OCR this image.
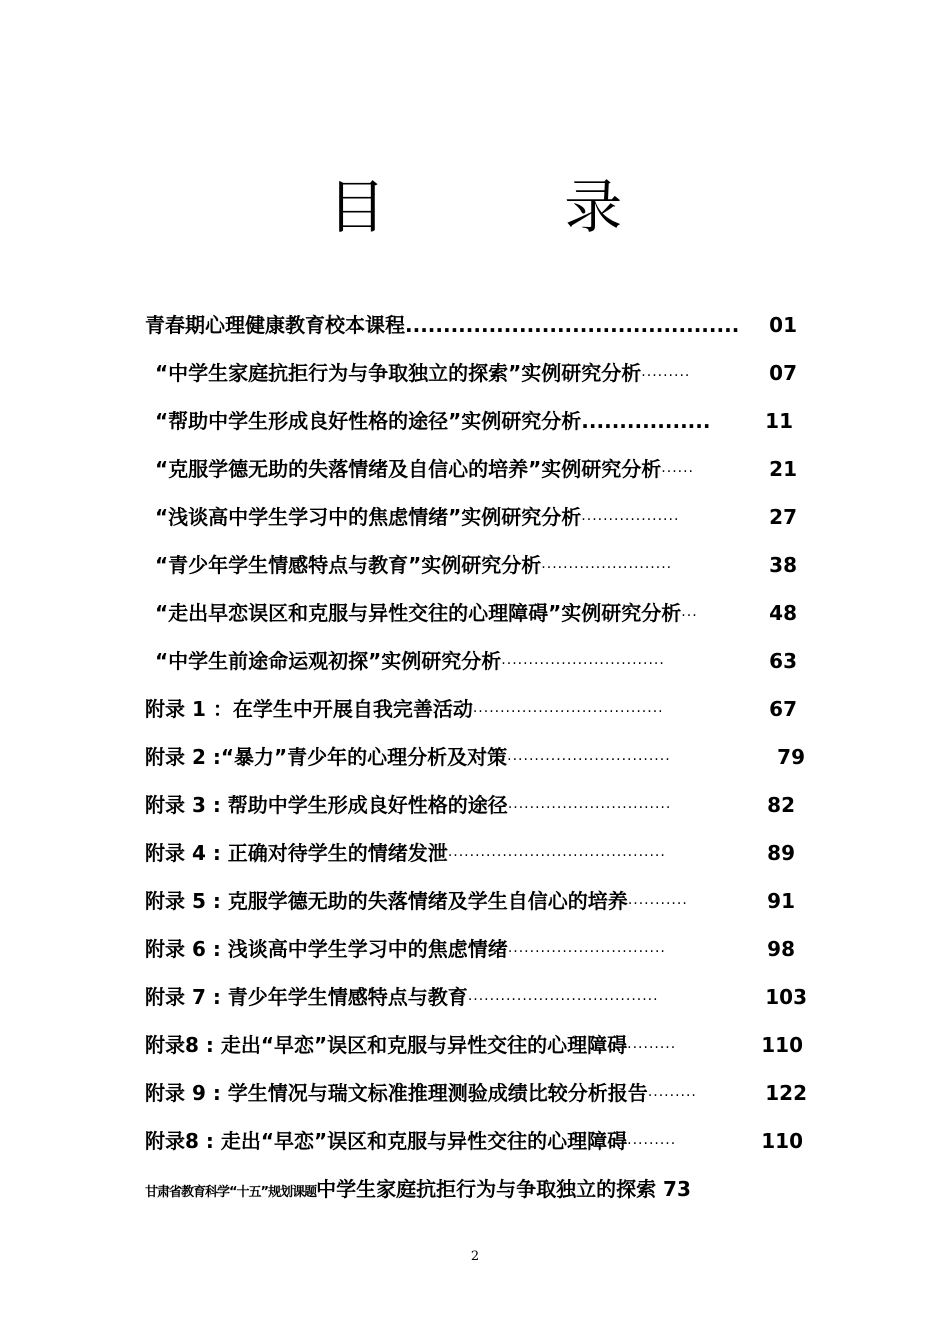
目 录
青春期心理健康教育校本课程 ............................................	01
“中学生家庭抗拒行为与争取独立的探索”实例研究分析 ·········	07
“帮助中学生形成良好性格的途径”实例研究分析 .................	11
“克服学德无助的失落情绪及自信心的培养”实例研究分析 ······	21
“浅谈高中学生学习中的焦虑情绪”实例研究分析 ··················	27
“青少年学生情感特点与教育”实例研究分析 ························	38
“走出早恋误区和克服与异性交往的心理障碍”实例研究分析 ···	48
“中学生前途命运观初探”实例研究分析 ······························	63
附录 1 ：在学生中开展自我完善活动 ···································	67
附录 2 :“暴力”青少年的心理分析及对策 ······························	79
附录 3 : 帮助中学生形成良好性格的途径 ······························	82
附录 4 : 正确对待学生的情绪发泄 ········································	89
附录 5 : 克服学德无助的失落情绪及学生自信心的培养 ···········	91
附录 6 : 浅谈高中学生学习中的焦虑情绪 ·····························	98
附录 7 : 青少年学生情感特点与教育 ···································	103
附录8 : 走出“早恋”误区和克服与异性交往的心理障碍 ·········	110
附录 9 : 学生情况与瑞文标准推理测验成绩比较分析报告 ·········	122
附录8 : 走出“早恋”误区和克服与异性交往的心理障碍 ·········	110
甘肃省教育科学“十五”规划课题 中学生家庭抗拒行为与争取独立的探索 73
2
